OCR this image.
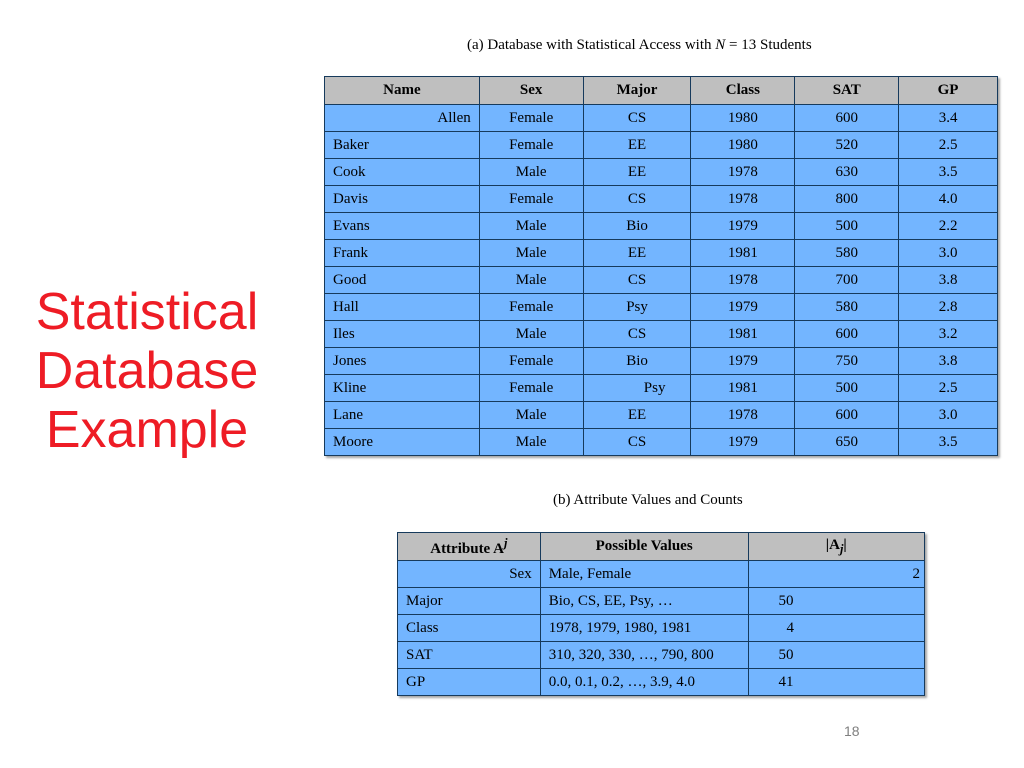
Statistical
Database
Example
(a) Database with Statistical Access with N = 13 Students
Name	Sex	Major	Class	SAT	GP
Allen	Female	CS	1980	600	3.4
Baker	Female	EE	1980	520	2.5
Cook	Male	EE	1978	630	3.5
Davis	Female	CS	1978	800	4.0
Evans	Male	Bio	1979	500	2.2
Frank	Male	EE	1981	580	3.0
Good	Male	CS	1978	700	3.8
Hall	Female	Psy	1979	580	2.8
Iles	Male	CS	1981	600	3.2
Jones	Female	Bio	1979	750	3.8
Kline	Female	Psy	1981	500	2.5
Lane	Male	EE	1978	600	3.0
Moore	Male	CS	1979	650	3.5
(b) Attribute Values and Counts
Attribute $A^j$	Possible Values	$|A_j|$
Sex	Male, Female	2
Major	Bio, CS, EE, Psy, …	50
Class	1978, 1979, 1980, 1981	4
SAT	310, 320, 330, …, 790, 800	50
GP	0.0, 0.1, 0.2, …, 3.9, 4.0	41
18
